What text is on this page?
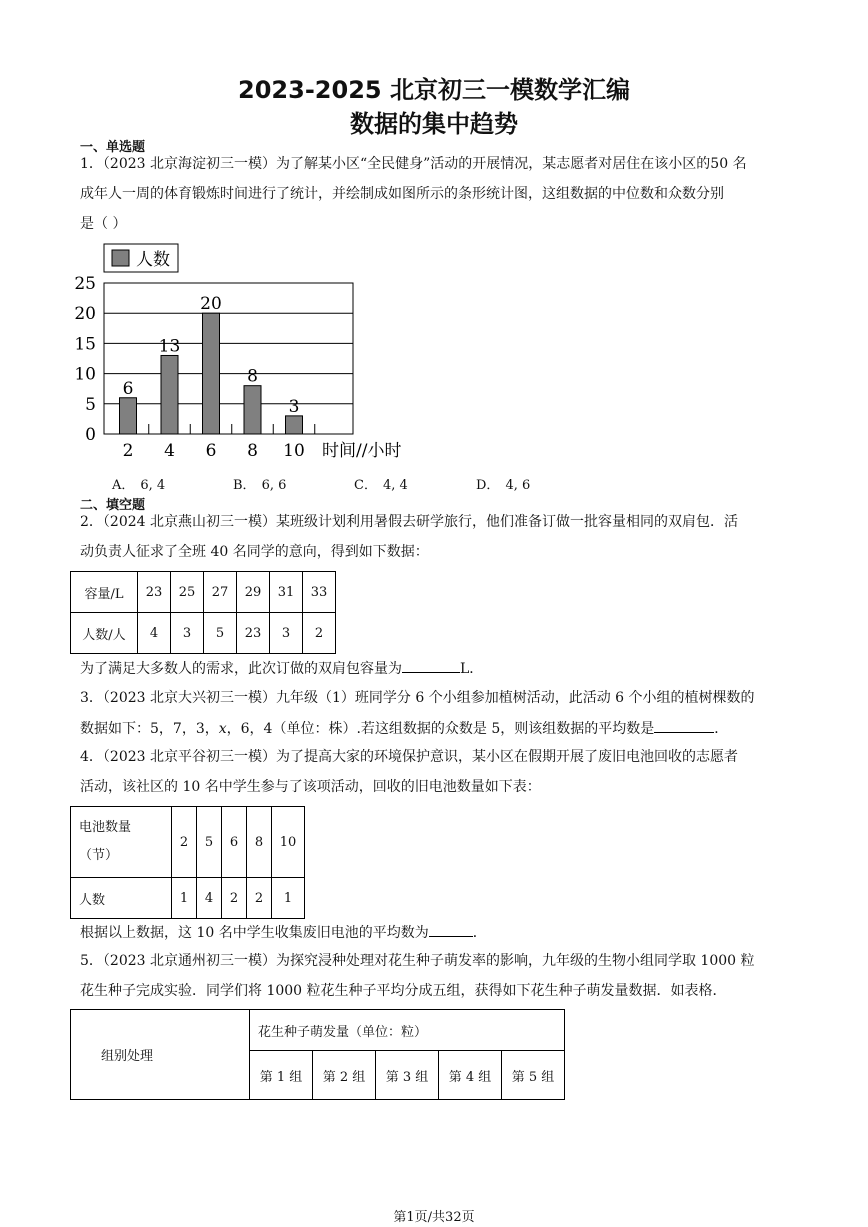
2023-2025 北京初三一模数学汇编
数据的集中趋势
一、单选题
1．（2023 北京海淀初三一模）为了解某小区“全民健身”活动的开展情况，某志愿者对居住在该小区的50 名
成年人一周的体育锻炼时间进行了统计，并绘制成如图所示的条形统计图，这组数据的中位数和众数分别
是（ ）
人数
25
20
15
10
5
0
6
13
20
8
3
2 4 6 8 10 时间//小时
A． 6, 4	B． 6, 6	C． 4, 4	D． 4, 6
二、填空题
2．（2024 北京燕山初三一模）某班级计划利用暑假去研学旅行，他们准备订做一批容量相同的双肩包．活
动负责人征求了全班 40 名同学的意向，得到如下数据：
容量/L	23	25	27	29	31	33
人数/人	4	3	5	23	3	2
为了满足大多数人的需求，此次订做的双肩包容量为	L．
3．（2023 北京大兴初三一模）九年级（1）班同学分 6 个小组参加植树活动，此活动 6 个小组的植树棵数的
数据如下：5，7，3，x，6，4（单位：株）.若这组数据的众数是 5，则该组数据的平均数是	．
4．（2023 北京平谷初三一模）为了提高大家的环境保护意识，某小区在假期开展了废旧电池回收的志愿者
活动，该社区的 10 名中学生参与了该项活动，回收的旧电池数量如下表：
电池数量
（节）	2	5	6	8	10
人数	1	4	2	2	1
根据以上数据，这 10 名中学生收集废旧电池的平均数为	．
5．（2023 北京通州初三一模）为探究浸种处理对花生种子萌发率的影响，九年级的生物小组同学取 1000 粒
花生种子完成实验．同学们将 1000 粒花生种子平均分成五组，获得如下花生种子萌发量数据．如表格．
组别处理	花生种子萌发量（单位：粒）				
	第 1 组	第 2 组	第 3 组	第 4 组	第 5 组
第1页/共32页
